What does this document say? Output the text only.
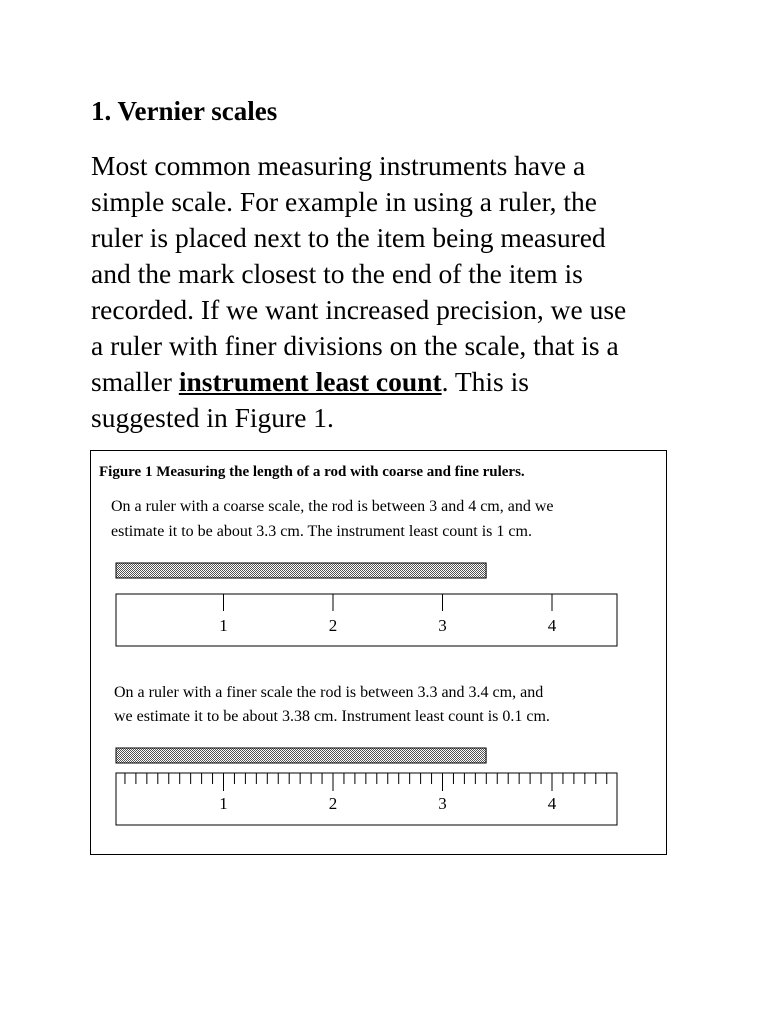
1. Vernier scales
Most common measuring instruments have a
simple scale. For example in using a ruler, the
ruler is placed next to the item being measured
and the mark closest to the end of the item is
recorded. If we want increased precision, we use
a ruler with finer divisions on the scale, that is a
smaller instrument least count. This is
suggested in Figure 1.
Figure 1 Measuring the length of a rod with coarse and fine rulers.
On a ruler with a coarse scale, the rod is between 3 and 4 cm, and we
estimate it to be about 3.3 cm. The instrument least count is 1 cm.
1	2	3	4
On a ruler with a finer scale the rod is between 3.3 and 3.4 cm, and
we estimate it to be about 3.38 cm. Instrument least count is 0.1 cm.
1	2	3	4
